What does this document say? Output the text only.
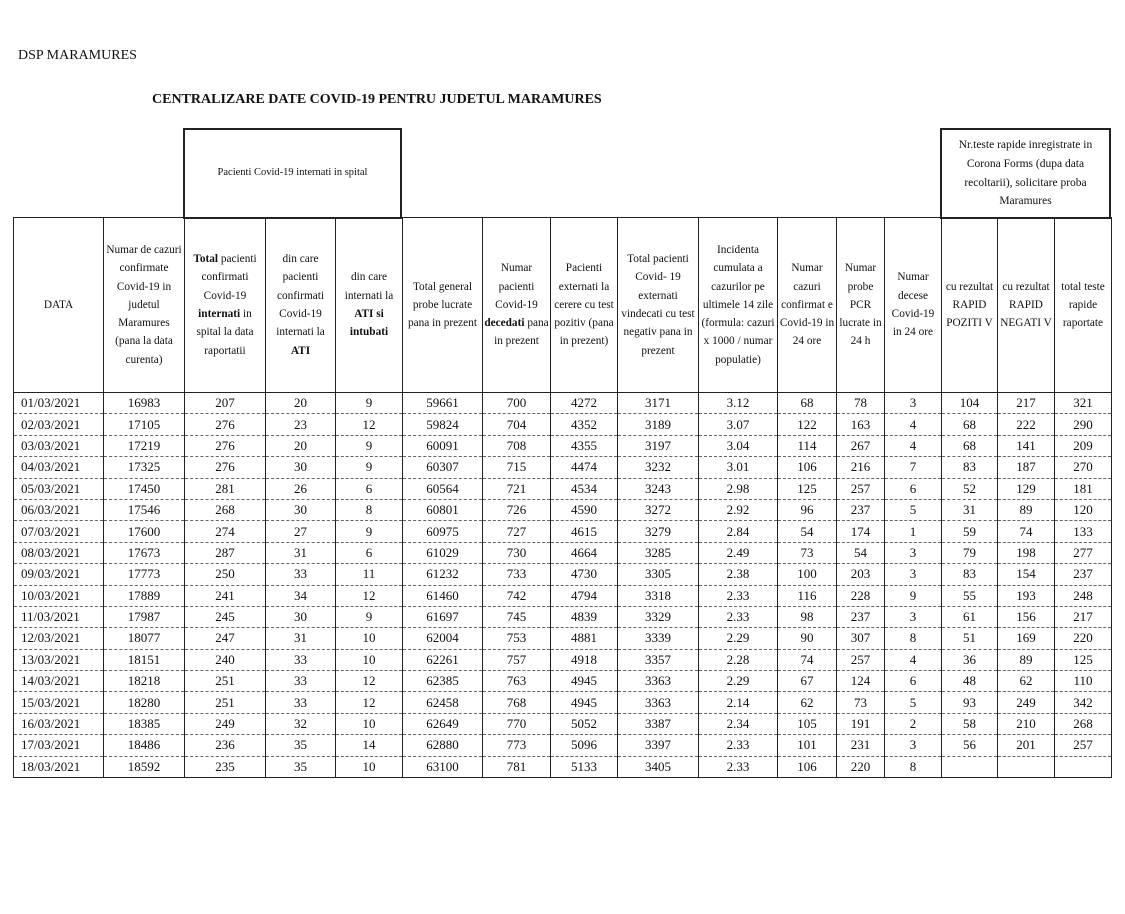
DSP MARAMURES
CENTRALIZARE DATE COVID-19 PENTRU JUDETUL MARAMURES
Pacienti Covid-19 internati in spital
Nr.teste rapide inregistrate in Corona Forms (dupa data recoltarii), solicitare proba Maramures
DATA	Numar de cazuri confirmate Covid-19 in judetul Maramures (pana la data curenta)	Total pacienti confirmati Covid-19 internati in spital la data raportatii	din care pacienti confirmati Covid-19 internati la ATI	din care internati la ATI si intubati	Total general probe lucrate pana in prezent	Numar pacienti Covid-19 decedati pana in prezent	Pacienti externati la cerere cu test pozitiv (pana in prezent)	Total pacienti Covid- 19 externati vindecati cu test negativ pana in prezent	Incidenta cumulata a cazurilor pe ultimele 14 zile (formula: cazuri x 1000 / numar populatie)	Numar cazuri confirmat e Covid-19 in 24 ore	Numar probe PCR lucrate in 24 h	Numar decese Covid-19 in 24 ore	cu rezultat RAPID POZITI V	cu rezultat RAPID NEGATI V	total teste rapide raportate
01/03/2021	16983	207	20	9	59661	700	4272	3171	3.12	68	78	3	104	217	321
02/03/2021	17105	276	23	12	59824	704	4352	3189	3.07	122	163	4	68	222	290
03/03/2021	17219	276	20	9	60091	708	4355	3197	3.04	114	267	4	68	141	209
04/03/2021	17325	276	30	9	60307	715	4474	3232	3.01	106	216	7	83	187	270
05/03/2021	17450	281	26	6	60564	721	4534	3243	2.98	125	257	6	52	129	181
06/03/2021	17546	268	30	8	60801	726	4590	3272	2.92	96	237	5	31	89	120
07/03/2021	17600	274	27	9	60975	727	4615	3279	2.84	54	174	1	59	74	133
08/03/2021	17673	287	31	6	61029	730	4664	3285	2.49	73	54	3	79	198	277
09/03/2021	17773	250	33	11	61232	733	4730	3305	2.38	100	203	3	83	154	237
10/03/2021	17889	241	34	12	61460	742	4794	3318	2.33	116	228	9	55	193	248
11/03/2021	17987	245	30	9	61697	745	4839	3329	2.33	98	237	3	61	156	217
12/03/2021	18077	247	31	10	62004	753	4881	3339	2.29	90	307	8	51	169	220
13/03/2021	18151	240	33	10	62261	757	4918	3357	2.28	74	257	4	36	89	125
14/03/2021	18218	251	33	12	62385	763	4945	3363	2.29	67	124	6	48	62	110
15/03/2021	18280	251	33	12	62458	768	4945	3363	2.14	62	73	5	93	249	342
16/03/2021	18385	249	32	10	62649	770	5052	3387	2.34	105	191	2	58	210	268
17/03/2021	18486	236	35	14	62880	773	5096	3397	2.33	101	231	3	56	201	257
18/03/2021	18592	235	35	10	63100	781	5133	3405	2.33	106	220	8			
